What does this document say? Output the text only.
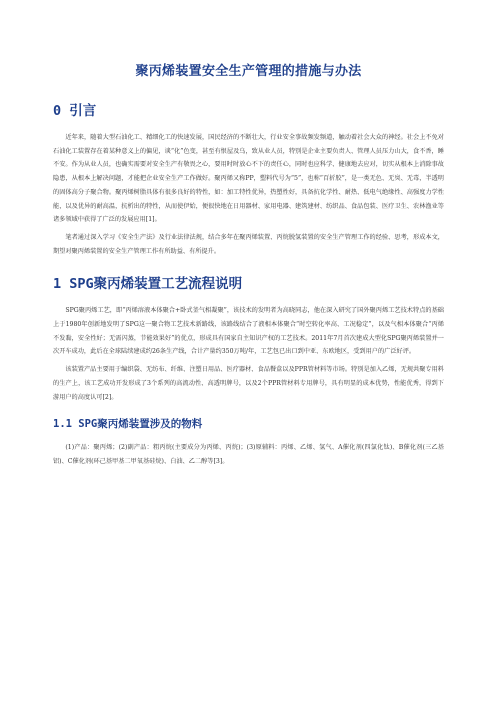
聚丙烯装置安全生产管理的措施与办法
0 引言

近年来，随着大型石油化工、精细化工的快速发展，国民经济的不断壮大，行业安全事故频发频道，触动着社会大众的神经。社会上不免对石油化工装置存在着某种意义上的偏见，谈“化”色变，甚至有恨屋及乌，致从业人员，特别是企业主要负责人、管理人员压力山大，食不香，睡不安。作为从业人员，也确实需要对安全生产有敬畏之心，要用时时放心不下的责任心，同时也应科学、健康地去应对，切实从根本上消除事故隐患，从根本上解决问题，才能把企业安全生产工作做好。聚丙烯又称PP，塑料代号为“5”，也称“百折胶”，是一类无色、无臭、无毒，半透明的固体高分子聚合物。聚丙烯树脂具体有很多良好的特性，如：加工特性优异，热塑性好，具备抗化学性、耐热、低电气绝缘性、高强度力学性能，以及优异的耐高温，抗析出的特性，从而使伊始，便很快地在日用器材、家用电器、建筑建材、纺织品、食品包装、医疗卫生、农林渔业等诸多领域中获得了广泛的发展应用[1]。

笔者通过深入学习《安全生产法》及行业法律法规，结合多年在聚丙烯装置、丙烷脱氢装置的安全生产管理工作的经验、思考，形成本文，期望对聚丙烯装置的安全生产管理工作有所助益、有所提升。

1 SPG聚丙烯装置工艺流程说明

SPG聚丙烯工艺，即“丙烯溶液本体聚合+卧式釜气相凝聚”，该技术的发明者为高晓同志，他在深入研究了国外聚丙烯工艺技术特点的基础上于1980年创新地发明了SPG这一聚合物工艺技术新路线，该路线结合了液相本体聚合“时空转化率高、工况稳定”，以及气相本体聚合“丙烯不发黏，安全性好；无需闪蒸，节能效果好”的优点，形成具有国家自主知识产权的工艺技术。2011年7月首次建成大型化SPG聚丙烯装置并一次开车成功，此后在全球陆续建成约26条生产线，合计产量约350万吨/年，工艺包已出口到中亚、东欧地区，受到用户的广泛好评。

该装置产品主要用于编织袋、无纺布、纤维、注塑日用品、医疗器材、食品餐盒以及PPR管材料等市场。特别是加入乙烯，无规共聚专用料的生产上，该工艺成功开发形成了3个系列的高流动性、高透明牌号，以及2个PPR管材料专用牌号，具有明显的成本优势，性能优秀，得到下游用户的高度认可[2]。

1.1 SPG聚丙烯装置涉及的物料

(1)产品：聚丙烯；(2)副产品：粗丙烷(主要成分为丙烯、丙烷)；(3)原辅料：丙烯、乙烯、氢气、A催化剂(四氯化钛)、B催化剂(三乙基铝)、C催化剂(环己基甲基二甲氧基硅烷)、白油、乙二醇等[3]。
